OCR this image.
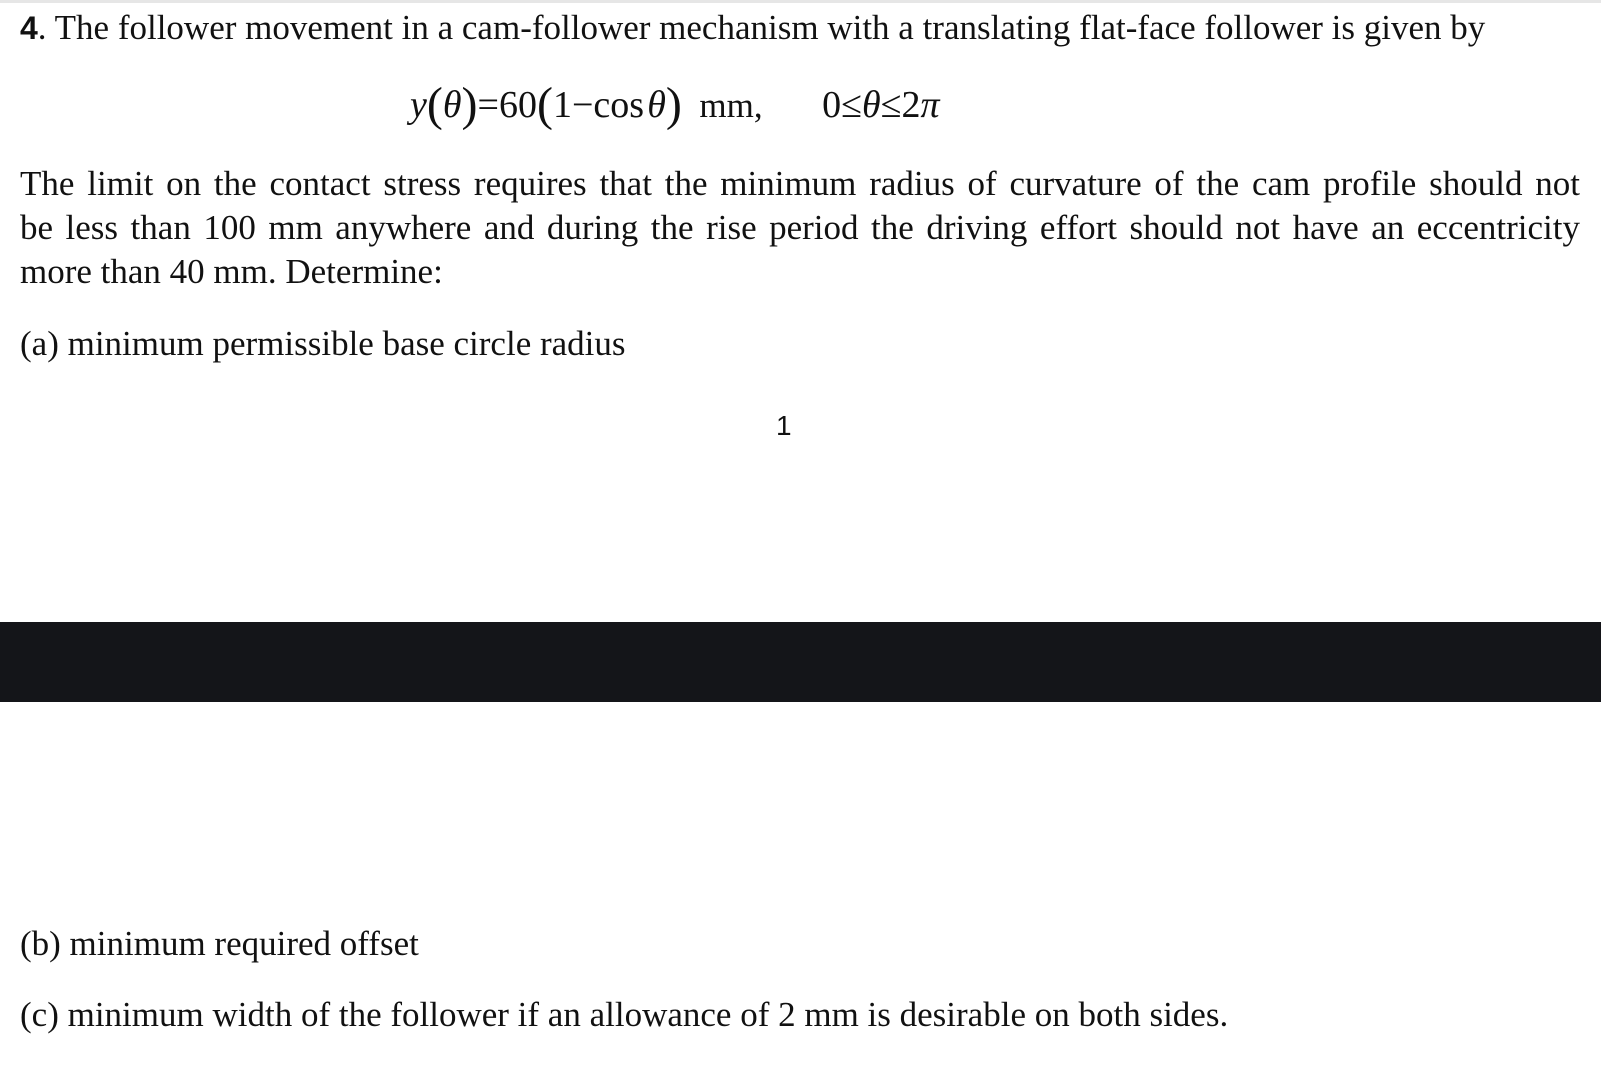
4. The follower movement in a cam-follower mechanism with a translating flat-face follower is given by
y(θ)=60(1−cos θ) mm, 0≤θ≤2π
The limit on the contact stress requires that the minimum radius of curvature of the cam profile should not
be less than 100 mm anywhere and during the rise period the driving effort should not have an eccentricity
more than 40 mm. Determine:
(a) minimum permissible base circle radius
1
(b) minimum required offset
(c) minimum width of the follower if an allowance of 2 mm is desirable on both sides.
